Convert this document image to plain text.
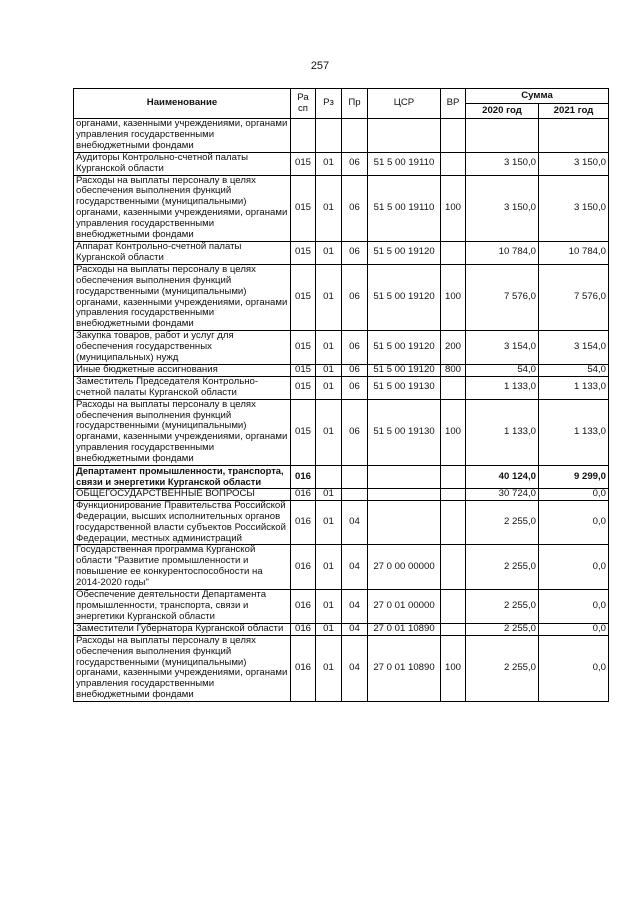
257
Наименование	Ра сп	Рз	Пр	ЦСР	ВР	Сумма	
						2020 год	2021 год
органами, казенными учреждениями, органами управления государственными внебюджетными фондами							
Аудиторы Контрольно-счетной палаты Курганской области	015	01	06	51 5 00 19110		3 150,0	3 150,0
Расходы на выплаты персоналу в целях обеспечения выполнения функций государственными (муниципальными) органами, казенными учреждениями, органами управления государственными внебюджетными фондами	015	01	06	51 5 00 19110	100	3 150,0	3 150,0
Аппарат Контрольно-счетной палаты Курганской области	015	01	06	51 5 00 19120		10 784,0	10 784,0
Расходы на выплаты персоналу в целях обеспечения выполнения функций государственными (муниципальными) органами, казенными учреждениями, органами управления государственными внебюджетными фондами	015	01	06	51 5 00 19120	100	7 576,0	7 576,0
Закупка товаров, работ и услуг для обеспечения государственных (муниципальных) нужд	015	01	06	51 5 00 19120	200	3 154,0	3 154,0
Иные бюджетные ассигнования	015	01	06	51 5 00 19120	800	54,0	54,0
Заместитель Председателя Контрольно-счетной палаты Курганской области	015	01	06	51 5 00 19130		1 133,0	1 133,0
Расходы на выплаты персоналу в целях обеспечения выполнения функций государственными (муниципальными) органами, казенными учреждениями, органами управления государственными внебюджетными фондами	015	01	06	51 5 00 19130	100	1 133,0	1 133,0
Департамент промышленности, транспорта, связи и энергетики Курганской области	016					40 124,0	9 299,0
ОБЩЕГОСУДАРСТВЕННЫЕ ВОПРОСЫ	016	01				30 724,0	0,0
Функционирование Правительства Российской Федерации, высших исполнительных органов государственной власти субъектов Российской Федерации, местных администраций	016	01	04			2 255,0	0,0
Государственная программа Курганской области "Развитие промышленности и повышение ее конкурентоспособности на 2014-2020 годы"	016	01	04	27 0 00 00000		2 255,0	0,0
Обеспечение деятельности Департамента промышленности, транспорта, связи и энергетики Курганской области	016	01	04	27 0 01 00000		2 255,0	0,0
Заместители Губернатора Курганской области	016	01	04	27 0 01 10890		2 255,0	0,0
Расходы на выплаты персоналу в целях обеспечения выполнения функций государственными (муниципальными) органами, казенными учреждениями, органами управления государственными внебюджетными фондами	016	01	04	27 0 01 10890	100	2 255,0	0,0
